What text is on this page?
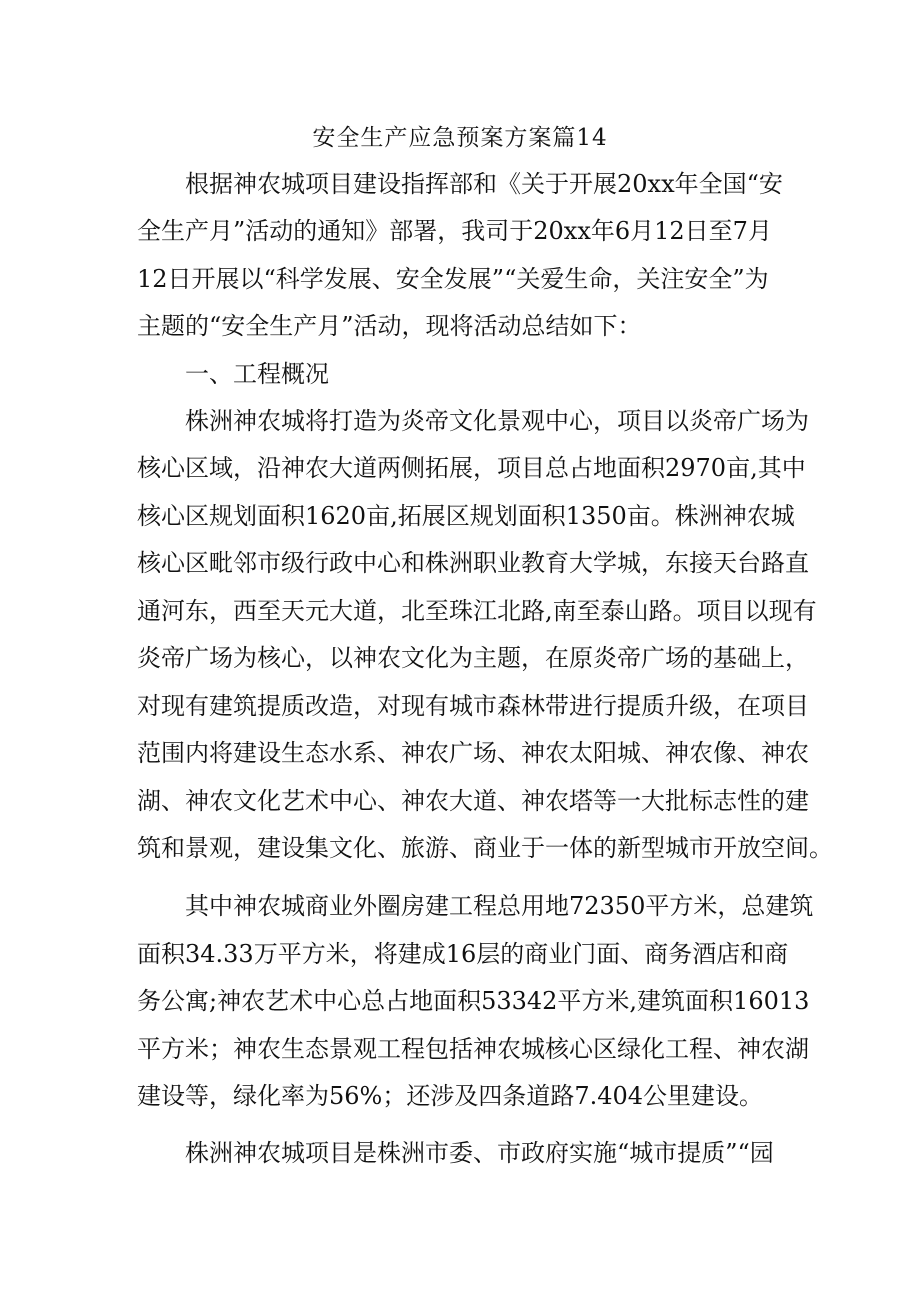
安全生产应急预案方案篇14

根据神农城项目建设指挥部和《关于开展20xx年全国“安

全生产月”活动的通知》部署，我司于20xx年6月12日至7月

12日开展以“科学发展、安全发展”“关爱生命，关注安全”为

主题的“安全生产月”活动，现将活动总结如下：

一、工程概况

株洲神农城将打造为炎帝文化景观中心，项目以炎帝广场为

核心区域，沿神农大道两侧拓展，项目总占地面积2970亩,其中

核心区规划面积1620亩,拓展区规划面积1350亩。株洲神农城

核心区毗邻市级行政中心和株洲职业教育大学城，东接天台路直

通河东，西至天元大道，北至珠江北路,南至泰山路。项目以现有

炎帝广场为核心，以神农文化为主题，在原炎帝广场的基础上，

对现有建筑提质改造，对现有城市森林带进行提质升级，在项目

范围内将建设生态水系、神农广场、神农太阳城、神农像、神农

湖、神农文化艺术中心、神农大道、神农塔等一大批标志性的建

筑和景观，建设集文化、旅游、商业于一体的新型城市开放空间。

其中神农城商业外圈房建工程总用地72350平方米，总建筑

面积34.33万平方米，将建成16层的商业门面、商务酒店和商

务公寓;神农艺术中心总占地面积53342平方米,建筑面积16013

平方米；神农生态景观工程包括神农城核心区绿化工程、神农湖

建设等，绿化率为56%；还涉及四条道路7.404公里建设。

株洲神农城项目是株洲市委、市政府实施“城市提质”“园
